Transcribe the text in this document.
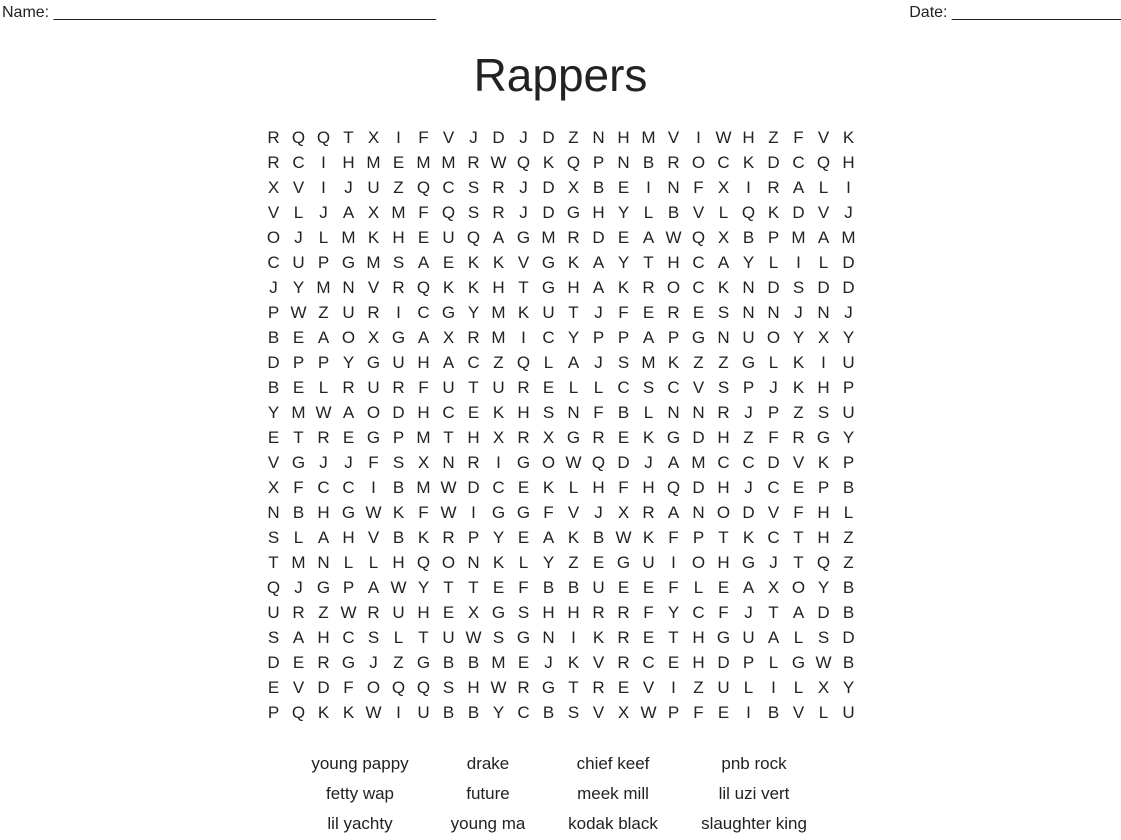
Name: ___________________________________________	Date: ___________________
Rappers
R Q Q T X I	F V J D J D Z N H M V I W H Z F V K
R C I H M E M M R W Q K Q P N B R O C K D C Q H
X V I	J U Z Q C S R J D X B E I N F X I R A L	I
V L J A X M F Q S R J D G H Y L B V L Q K D V J
O J L M K H E U Q A G M R D E A W Q X B P M A M
C U P G M S A E K K V G K A Y T H C A Y L	I	L D
J Y M N V R Q K K H T G H A K R O C K N D S D D
P W Z U R I C G Y M K U T J F E R E S N N J N J
B E A O X G A X R M I C Y P P A P G N U O Y X Y
D P P Y G U H A C Z Q L A J S M K Z Z G L K I U
B E L R U R F U T U R E L L C S C V S P J K H P
Y M W A O D H C E K H S N F B L N N R J P Z S U
E T R E G P M T H X R X G R E K G D H Z F R G Y
V G J J F S X N R I G O W Q D J A M C C D V K P
X F C C I B M W D C E K L H F H Q D H J C E P B
N B H G W K F W I G G F V J X R A N O D V F H L
S L A H V B K R P Y E A K B W K F P T K C T H Z
T M N L L H Q O N K L Y Z E G U I O H G J T Q Z
Q J G P A W Y T T E F B B U E E F L E A X O Y B
U R Z W R U H E X G S H H R R F Y C F J T A D B
S A H C S L T U W S G N I K R E T H G U A L S D
D E R G J Z G B B M E J K V R C E H D P L G W B
E V D F O Q Q S H W R G T R E V I	Z U L	I	L X Y
P Q K K W I U B B Y C B S V X W P F E I B V L U
young pappy	drake	chief keef	pnb rock
fetty wap	future	meek mill	lil uzi vert
lil yachty	young ma	kodak black	slaughter king
